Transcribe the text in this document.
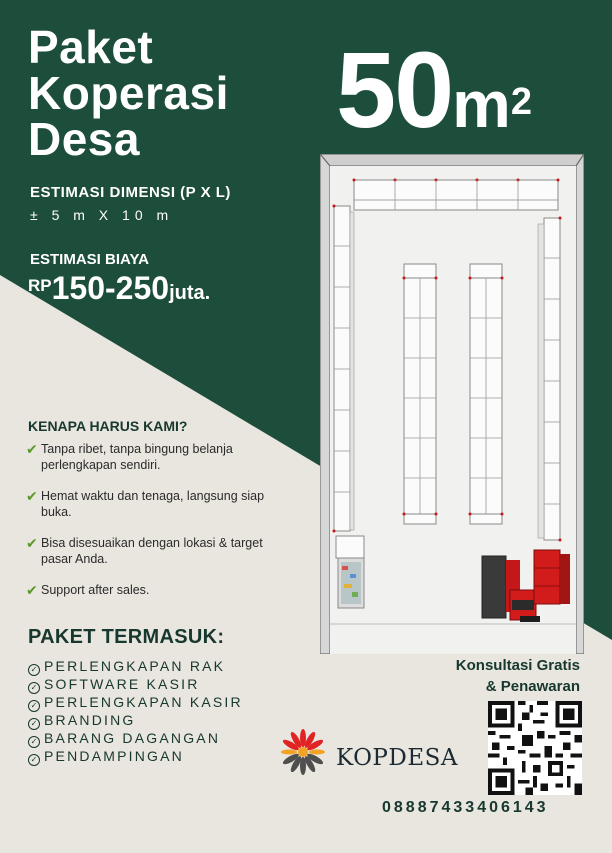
Paket
Koperasi
Desa	$50m^2$
ESTIMASI DIMENSI (P X L)
± 5 m X 10 m
ESTIMASI BIAYA
RP150-250juta.
KENAPA HARUS KAMI?
✔ Tanpa ribet, tanpa bingung belanja perlengkapan sendiri.
✔ Hemat waktu dan tenaga, langsung siap buka.
✔ Bisa disesuaikan dengan lokasi & target pasar Anda.
✔ Support after sales.
PAKET TERMASUK:
✓ PERLENGKAPAN RAK
✓ SOFTWARE KASIR
✓ PERLENGKAPAN KASIR
✓ BRANDING
✓ BARANG DAGANGAN
✓ PENDAMPINGAN
Konsultasi Gratis
& Penawaran
KOPDESA
08887433406143
